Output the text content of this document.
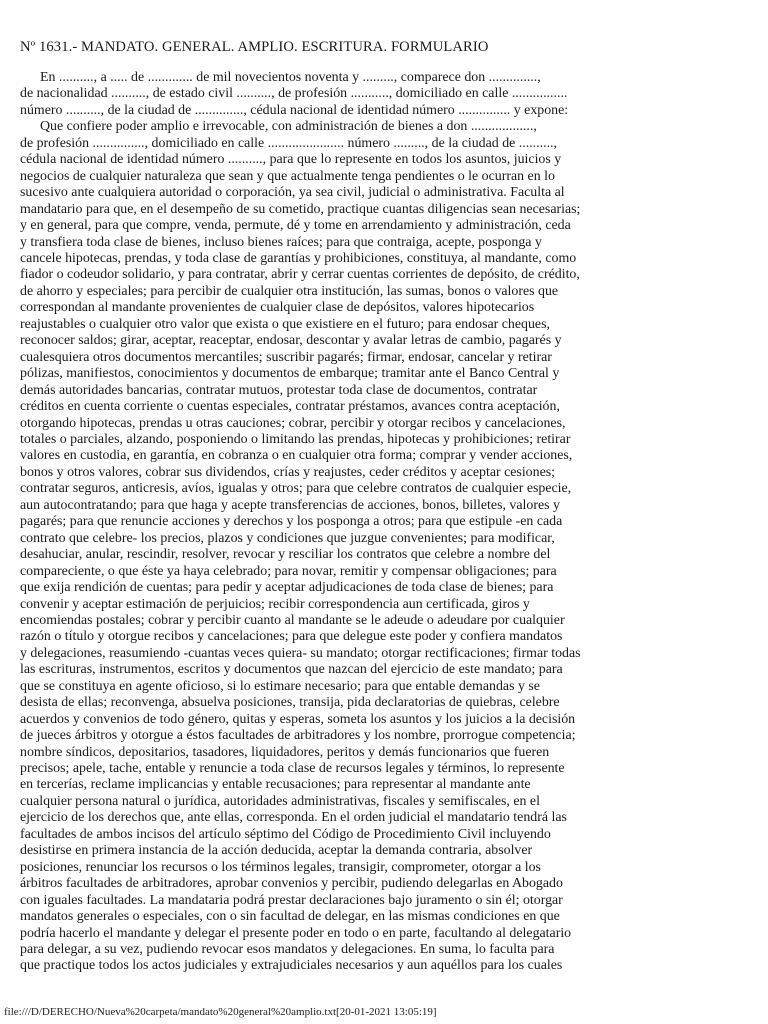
Nº 1631.- MANDATO. GENERAL. AMPLIO. ESCRITURA. FORMULARIO
En .........., a ..... de ............. de mil novecientos noventa y ........., comparece don ..............,
de nacionalidad .........., de estado civil .........., de profesión ..........., domiciliado en calle ................
número .........., de la ciudad de .............., cédula nacional de identidad número ............... y expone:
Que confiere poder amplio e irrevocable, con administración de bienes a don ..................,
de profesión ..............., domiciliado en calle ...................... número ........., de la ciudad de ..........,
cédula nacional de identidad número .........., para que lo represente en todos los asuntos, juicios y
negocios de cualquier naturaleza que sean y que actualmente tenga pendientes o le ocurran en lo
sucesivo ante cualquiera autoridad o corporación, ya sea civil, judicial o administrativa. Faculta al
mandatario para que, en el desempeño de su cometido, practique cuantas diligencias sean necesarias;
y en general, para que compre, venda, permute, dé y tome en arrendamiento y administración, ceda
y transfiera toda clase de bienes, incluso bienes raíces; para que contraiga, acepte, posponga y
cancele hipotecas, prendas, y toda clase de garantías y prohibiciones, constituya, al mandante, como
fiador o codeudor solidario, y para contratar, abrir y cerrar cuentas corrientes de depósito, de crédito,
de ahorro y especiales; para percibir de cualquier otra institución, las sumas, bonos o valores que
correspondan al mandante provenientes de cualquier clase de depósitos, valores hipotecarios
reajustables o cualquier otro valor que exista o que existiere en el futuro; para endosar cheques,
reconocer saldos; girar, aceptar, reaceptar, endosar, descontar y avalar letras de cambio, pagarés y
cualesquiera otros documentos mercantiles; suscribir pagarés; firmar, endosar, cancelar y retirar
pólizas, manifiestos, conocimientos y documentos de embarque; tramitar ante el Banco Central y
demás autoridades bancarias, contratar mutuos, protestar toda clase de documentos, contratar
créditos en cuenta corriente o cuentas especiales, contratar préstamos, avances contra aceptación,
otorgando hipotecas, prendas u otras cauciones; cobrar, percibir y otorgar recibos y cancelaciones,
totales o parciales, alzando, posponiendo o limitando las prendas, hipotecas y prohibiciones; retirar
valores en custodia, en garantía, en cobranza o en cualquier otra forma; comprar y vender acciones,
bonos y otros valores, cobrar sus dividendos, crías y reajustes, ceder créditos y aceptar cesiones;
contratar seguros, anticresis, avíos, igualas y otros; para que celebre contratos de cualquier especie,
aun autocontratando; para que haga y acepte transferencias de acciones, bonos, billetes, valores y
pagarés; para que renuncie acciones y derechos y los posponga a otros; para que estipule -en cada
contrato que celebre- los precios, plazos y condiciones que juzgue convenientes; para modificar,
desahuciar, anular, rescindir, resolver, revocar y resciliar los contratos que celebre a nombre del
compareciente, o que éste ya haya celebrado; para novar, remitir y compensar obligaciones; para
que exija rendición de cuentas; para pedir y aceptar adjudicaciones de toda clase de bienes; para
convenir y aceptar estimación de perjuicios; recibir correspondencia aun certificada, giros y
encomiendas postales; cobrar y percibir cuanto al mandante se le adeude o adeudare por cualquier
razón o título y otorgue recibos y cancelaciones; para que delegue este poder y confiera mandatos
y delegaciones, reasumiendo -cuantas veces quiera- su mandato; otorgar rectificaciones; firmar todas
las escrituras, instrumentos, escritos y documentos que nazcan del ejercicio de este mandato; para
que se constituya en agente oficioso, si lo estimare necesario; para que entable demandas y se
desista de ellas; reconvenga, absuelva posiciones, transija, pida declaratorias de quiebras, celebre
acuerdos y convenios de todo género, quitas y esperas, someta los asuntos y los juicios a la decisión
de jueces árbitros y otorgue a éstos facultades de arbitradores y los nombre, prorrogue competencia;
nombre síndicos, depositarios, tasadores, liquidadores, peritos y demás funcionarios que fueren
precisos; apele, tache, entable y renuncie a toda clase de recursos legales y términos, lo represente
en tercerías, reclame implicancias y entable recusaciones; para representar al mandante ante
cualquier persona natural o jurídica, autoridades administrativas, fiscales y semifiscales, en el
ejercicio de los derechos que, ante ellas, corresponda. En el orden judicial el mandatario tendrá las
facultades de ambos incisos del artículo séptimo del Código de Procedimiento Civil incluyendo
desistirse en primera instancia de la acción deducida, aceptar la demanda contraria, absolver
posiciones, renunciar los recursos o los términos legales, transigir, comprometer, otorgar a los
árbitros facultades de arbitradores, aprobar convenios y percibir, pudiendo delegarlas en Abogado
con iguales facultades. La mandataria podrá prestar declaraciones bajo juramento o sin él; otorgar
mandatos generales o especiales, con o sin facultad de delegar, en las mismas condiciones en que
podría hacerlo el mandante y delegar el presente poder en todo o en parte, facultando al delegatario
para delegar, a su vez, pudiendo revocar esos mandatos y delegaciones. En suma, lo faculta para
que practique todos los actos judiciales y extrajudiciales necesarios y aun aquéllos para los cuales
file:///D/DERECHO/Nueva%20carpeta/mandato%20general%20amplio.txt[20-01-2021 13:05:19]
